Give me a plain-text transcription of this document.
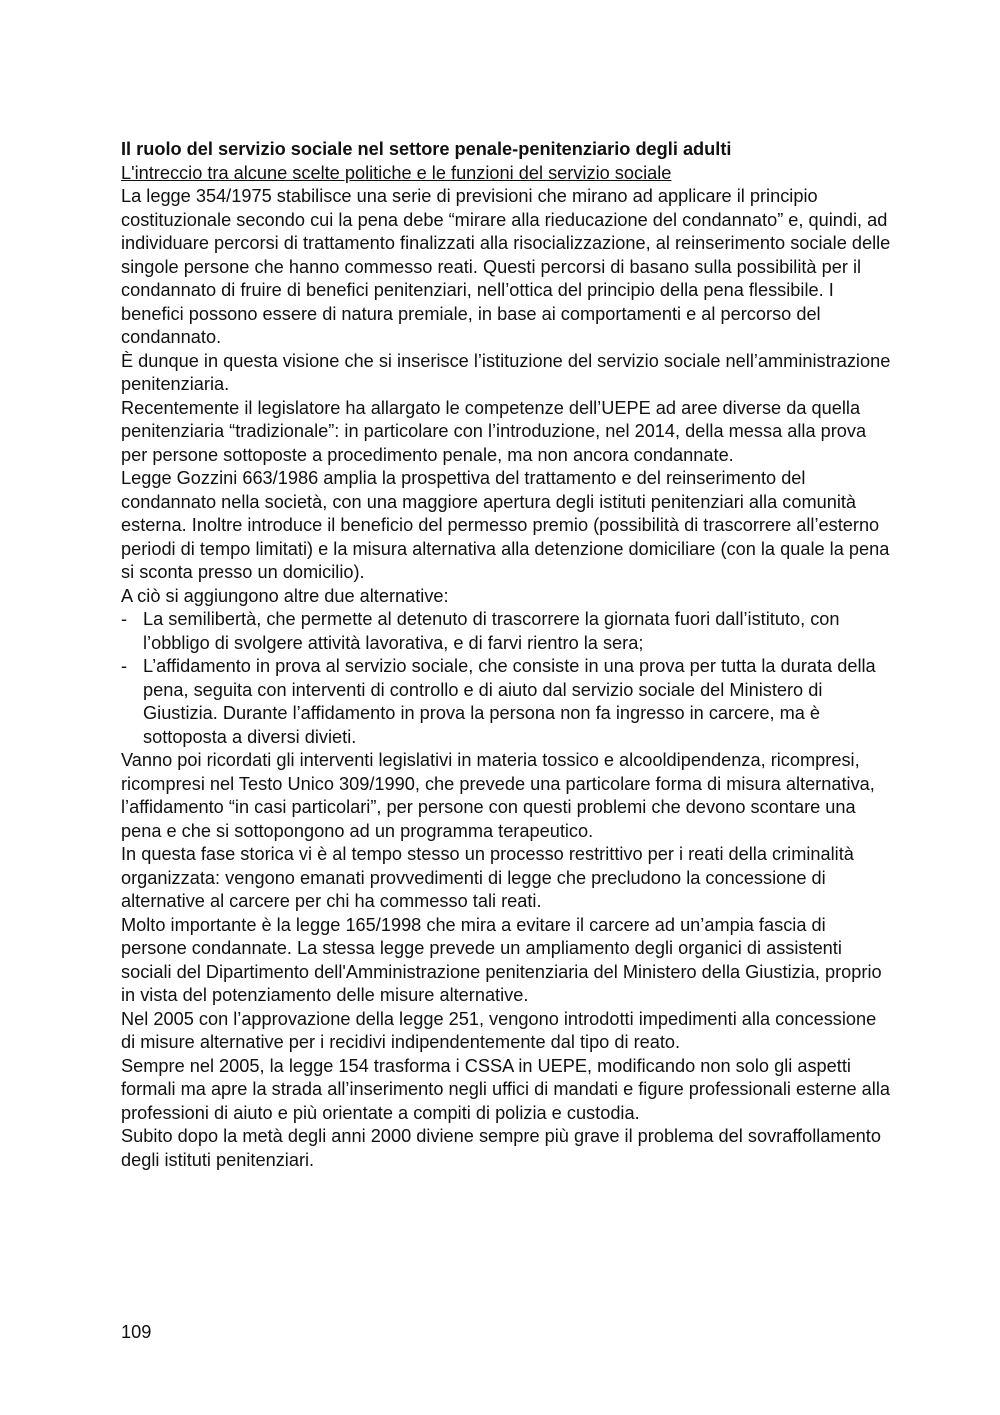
Il ruolo del servizio sociale nel settore penale-penitenziario degli adulti

L'intreccio tra alcune scelte politiche e le funzioni del servizio sociale

La legge 354/1975 stabilisce una serie di previsioni che mirano ad applicare il principio costituzionale secondo cui la pena debe “mirare alla rieducazione del condannato” e, quindi, ad individuare percorsi di trattamento finalizzati alla risocializzazione, al reinserimento sociale delle singole persone che hanno commesso reati. Questi percorsi di basano sulla possibilità per il condannato di fruire di benefici penitenziari, nell’ottica del principio della pena flessibile. I benefici possono essere di natura premiale, in base ai comportamenti e al percorso del condannato.

È dunque in questa visione che si inserisce l’istituzione del servizio sociale nell’amministrazione penitenziaria.

Recentemente il legislatore ha allargato le competenze dell’UEPE ad aree diverse da quella penitenziaria “tradizionale”: in particolare con l’introduzione, nel 2014, della messa alla prova per persone sottoposte a procedimento penale, ma non ancora condannate.

Legge Gozzini 663/1986 amplia la prospettiva del trattamento e del reinserimento del condannato nella società, con una maggiore apertura degli istituti penitenziari alla comunità esterna. Inoltre introduce il beneficio del permesso premio (possibilità di trascorrere all’esterno periodi di tempo limitati) e la misura alternativa alla detenzione domiciliare (con la quale la pena si sconta presso un domicilio).

A ciò si aggiungono altre due alternative:

- La semilibertà, che permette al detenuto di trascorrere la giornata fuori dall’istituto, con l’obbligo di svolgere attività lavorativa, e di farvi rientro la sera;
- L’affidamento in prova al servizio sociale, che consiste in una prova per tutta la durata della pena, seguita con interventi di controllo e di aiuto dal servizio sociale del Ministero di Giustizia. Durante l’affidamento in prova la persona non fa ingresso in carcere, ma è sottoposta a diversi divieti.

Vanno poi ricordati gli interventi legislativi in materia tossico e alcooldipendenza, ricompresi, ricompresi nel Testo Unico 309/1990, che prevede una particolare forma di misura alternativa, l’affidamento “in casi particolari”, per persone con questi problemi che devono scontare una pena e che si sottopongono ad un programma terapeutico.

In questa fase storica vi è al tempo stesso un processo restrittivo per i reati della criminalità organizzata: vengono emanati provvedimenti di legge che precludono la concessione di alternative al carcere per chi ha commesso tali reati.

Molto importante è la legge 165/1998 che mira a evitare il carcere ad un’ampia fascia di persone condannate. La stessa legge prevede un ampliamento degli organici di assistenti sociali del Dipartimento dell'Amministrazione penitenziaria del Ministero della Giustizia, proprio in vista del potenziamento delle misure alternative.

Nel 2005 con l’approvazione della legge 251, vengono introdotti impedimenti alla concessione di misure alternative per i recidivi indipendentemente dal tipo di reato.

Sempre nel 2005, la legge 154 trasforma i CSSA in UEPE, modificando non solo gli aspetti formali ma apre la strada all’inserimento negli uffici di mandati e figure professionali esterne alla professioni di aiuto e più orientate a compiti di polizia e custodia.

Subito dopo la metà degli anni 2000 diviene sempre più grave il problema del sovraffollamento degli istituti penitenziari.

109
